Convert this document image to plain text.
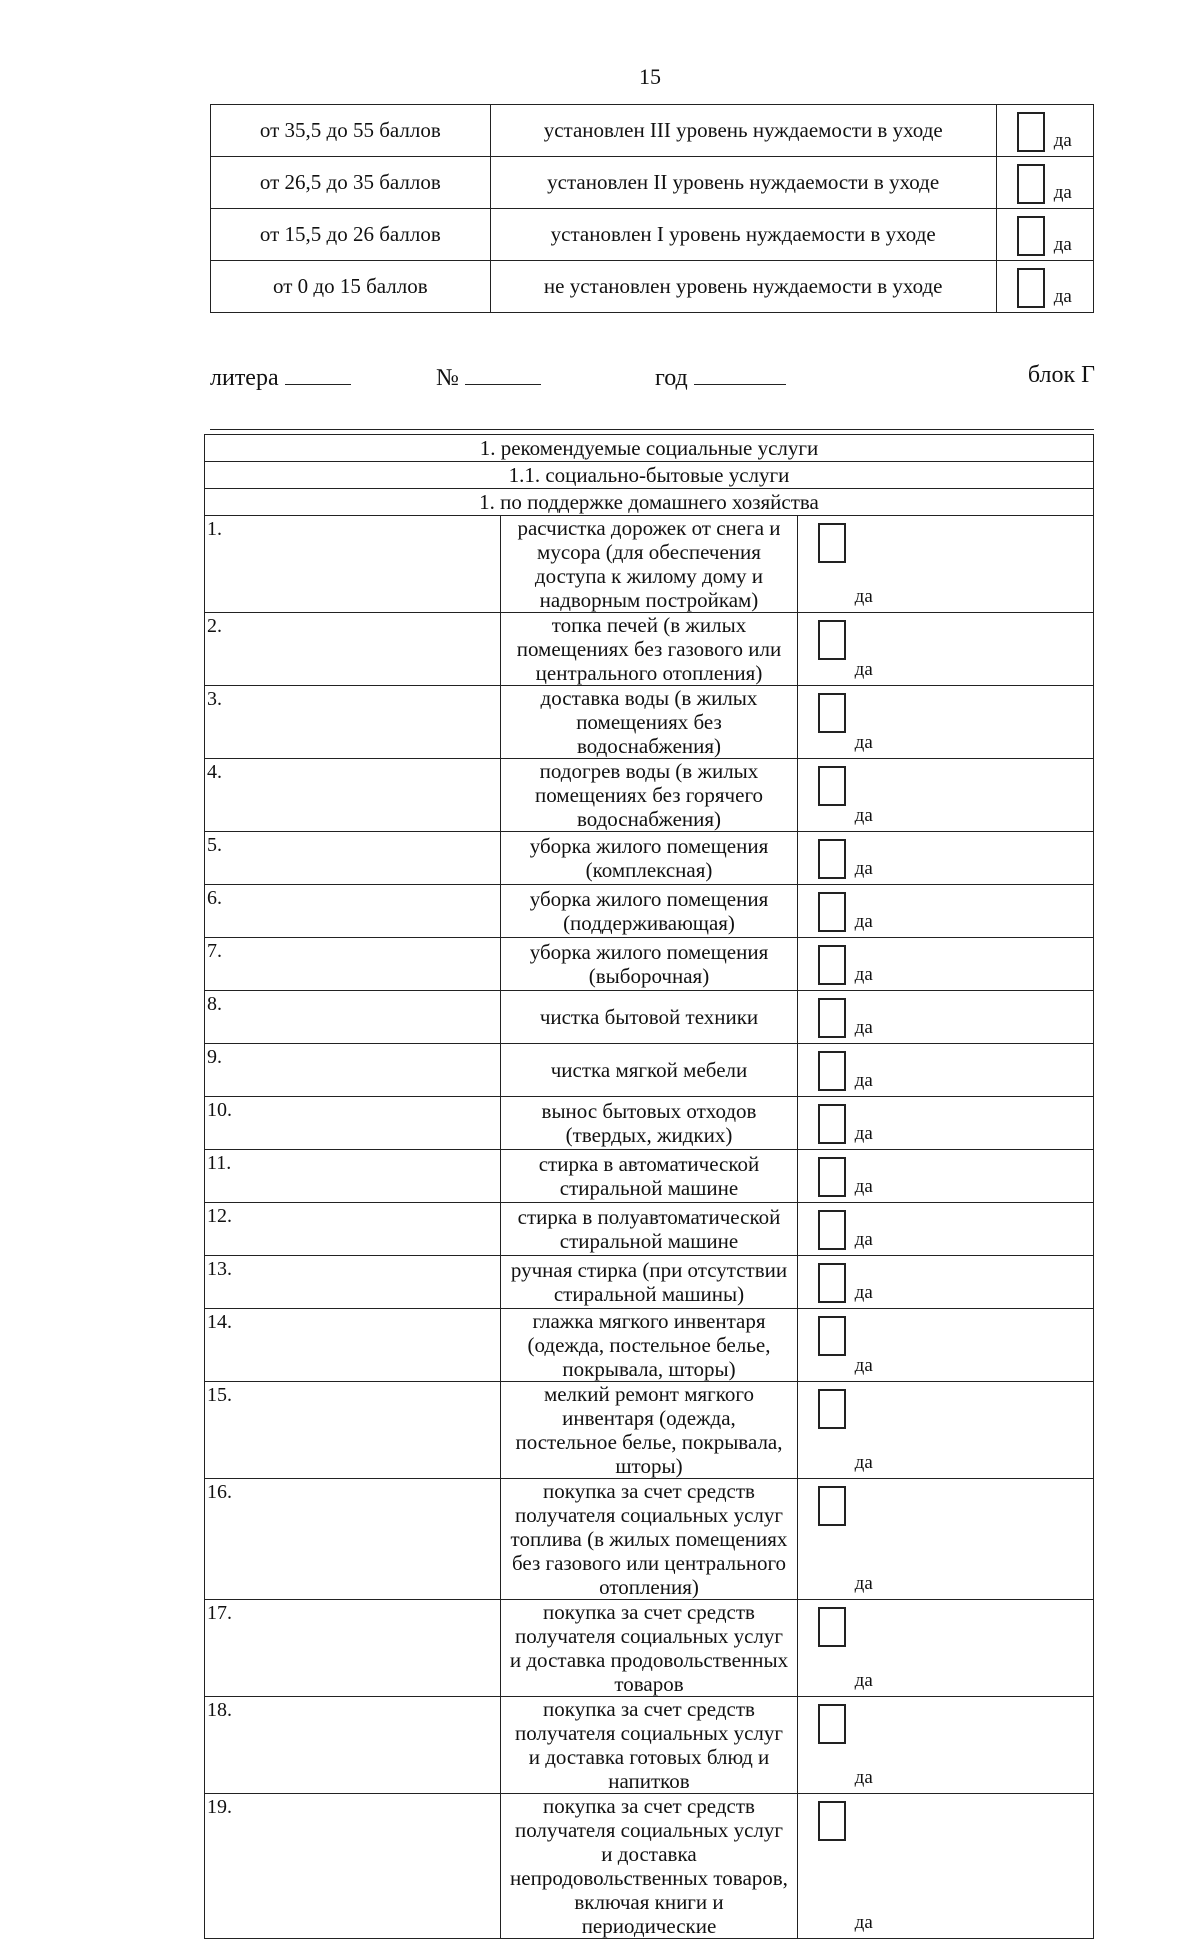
15
от 35,5 до 55 баллов	установлен III уровень нуждаемости в уходе	да

от 26,5 до 35 баллов	установлен II уровень нуждаемости в уходе	да

от 15,5 до 26 баллов	установлен I уровень нуждаемости в уходе	да

от 0 до 15 баллов	не установлен уровень нуждаемости в уходе	да
литера	№	год	блок Г
1. рекомендуемые социальные услуги		
1.1. социально-бытовые услуги		
1. по поддержке домашнего хозяйства		
1.	расчистка дорожек от снега и мусора (для обеспечения доступа к жилому дому и надворным постройкам)	да

2.	топка печей (в жилых помещениях без газового или центрального отопления)	да

3.	доставка воды (в жилых помещениях без водоснабжения)	да

4.	подогрев воды (в жилых помещениях без горячего водоснабжения)	да

5.	уборка жилого помещения (комплексная)	да

6.	уборка жилого помещения (поддерживающая)	да

7.	уборка жилого помещения (выборочная)	да

8.	чистка бытовой техники	да

9.	чистка мягкой мебели	да

10.	вынос бытовых отходов (твердых, жидких)	да

11.	стирка в автоматической стиральной машине	да

12.	стирка в полуавтоматической стиральной машине	да

13.	ручная стирка (при отсутствии стиральной машины)	да

14.	глажка мягкого инвентаря (одежда, постельное белье, покрывала, шторы)	да

15.	мелкий ремонт мягкого инвентаря (одежда, постельное белье, покрывала, шторы)	да

16.	покупка за счет средств получателя социальных услуг топлива (в жилых помещениях без газового или центрального отопления)	да

17.	покупка за счет средств получателя социальных услуг и доставка продовольственных товаров	да

18.	покупка за счет средств получателя социальных услуг и доставка готовых блюд и напитков	да

19.	покупка за счет средств получателя социальных услуг и доставка непродовольственных товаров, включая книги и периодические	да
